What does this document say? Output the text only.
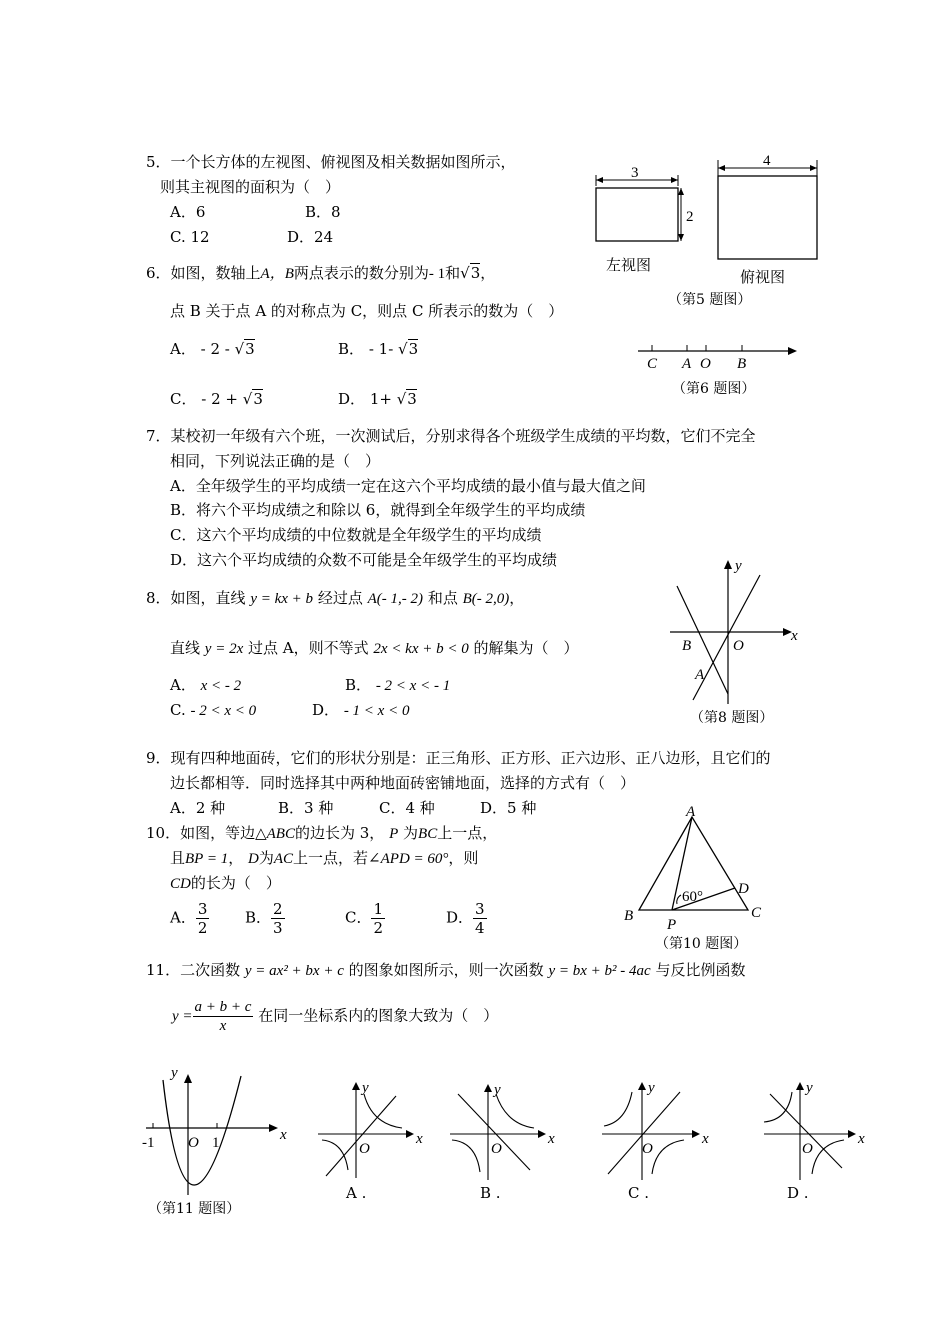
5．一个长方体的左视图、俯视图及相关数据如图所示，
则其主视图的面积为（　）
A．6	B．8
C. 12	D．24
3
2
4
左视图
俯视图
（第5 题图）
6．如图，数轴上A，B两点表示的数分别为- 1和√3，
点 B 关于点 A 的对称点为 C，则点 C 所表示的数为（　）
A． - 2 - √3	B． - 1- √3
C． - 2 + √3	D． 1+ √3
C A O B
（第6 题图）
7．某校初一年级有六个班，一次测试后，分别求得各个班级学生成绩的平均数，它们不完全
相同，下列说法正确的是（　）
A．全年级学生的平均成绩一定在这六个平均成绩的最小值与最大值之间
B．将六个平均成绩之和除以 6，就得到全年级学生的平均成绩
C．这六个平均成绩的中位数就是全年级学生的平均成绩
D．这六个平均成绩的众数不可能是全年级学生的平均成绩
8．如图，直线 y = kx + b 经过点 A(- 1,- 2) 和点 B(- 2,0)，
直线 y = 2x 过点 A，则不等式 2x < kx + b < 0 的解集为（　）
A． x < - 2	B． - 2 < x < - 1
C. - 2 < x < 0	D． - 1 < x < 0
y
x
B	O
A
（第8 题图）
9．现有四种地面砖，它们的形状分别是：正三角形、正方形、正六边形、正八边形，且它们的
边长都相等．同时选择其中两种地面砖密铺地面，选择的方式有（　）
A．2 种	B．3 种	C．4 种	D．5 种
10．如图，等边△ABC的边长为 3， P 为BC上一点，
且BP = 1， D为AC上一点，若∠APD = 60°，则
CD的长为（　）
A． $\frac{3}{2}$ B． $\frac{2}{3}$	C． $\frac{1}{2}$	D． $\frac{3}{4}$
A
B	C
D
P
60°
（第10 题图）
11．二次函数 y = ax² + bx + c 的图象如图所示，则一次函数 y = bx + b² - 4ac 与反比例函数
$y = \frac{a + b + c}{x}$ 在同一坐标系内的图象大致为（　）
y
x
O
-1	1
（第11 题图）
y
x
O
A .
y
x
O
B .
y
x
O
C .
y
x
O
D .
